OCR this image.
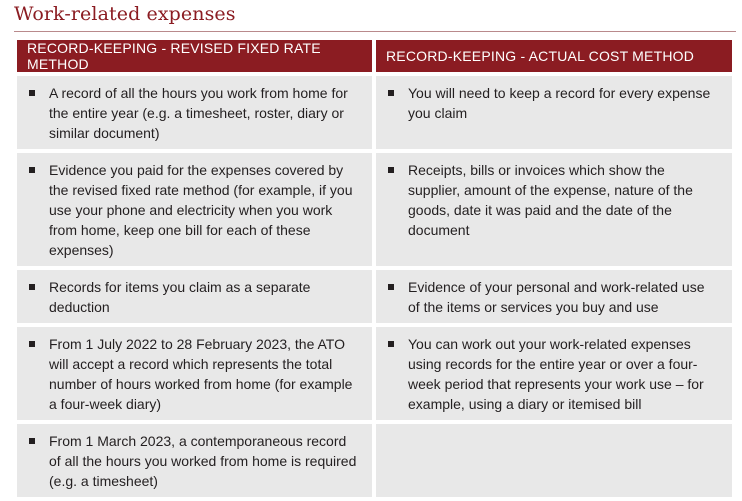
Work-related expenses
RECORD-KEEPING - REVISED FIXED RATE METHOD	RECORD-KEEPING - ACTUAL COST METHOD

A record of all the hours you work from home for the entire year (e.g. a timesheet, roster, diary or similar document)	You will need to keep a record for every expense you claim

Evidence you paid for the expenses covered by the revised fixed rate method (for example, if you use your phone and electricity when you work from home, keep one bill for each of these expenses)	Receipts, bills or invoices which show the supplier, amount of the expense, nature of the goods, date it was paid and the date of the document

Records for items you claim as a separate deduction	Evidence of your personal and work-related use of the items or services you buy and use

From 1 July 2022 to 28 February 2023, the ATO will accept a record which represents the total number of hours worked from home (for example a four-week diary)	You can work out your work-related expenses using records for the entire year or over a four-week period that represents your work use – for example, using a diary or itemised bill

From 1 March 2023, a contemporaneous record of all the hours you worked from home is required (e.g. a timesheet)	
